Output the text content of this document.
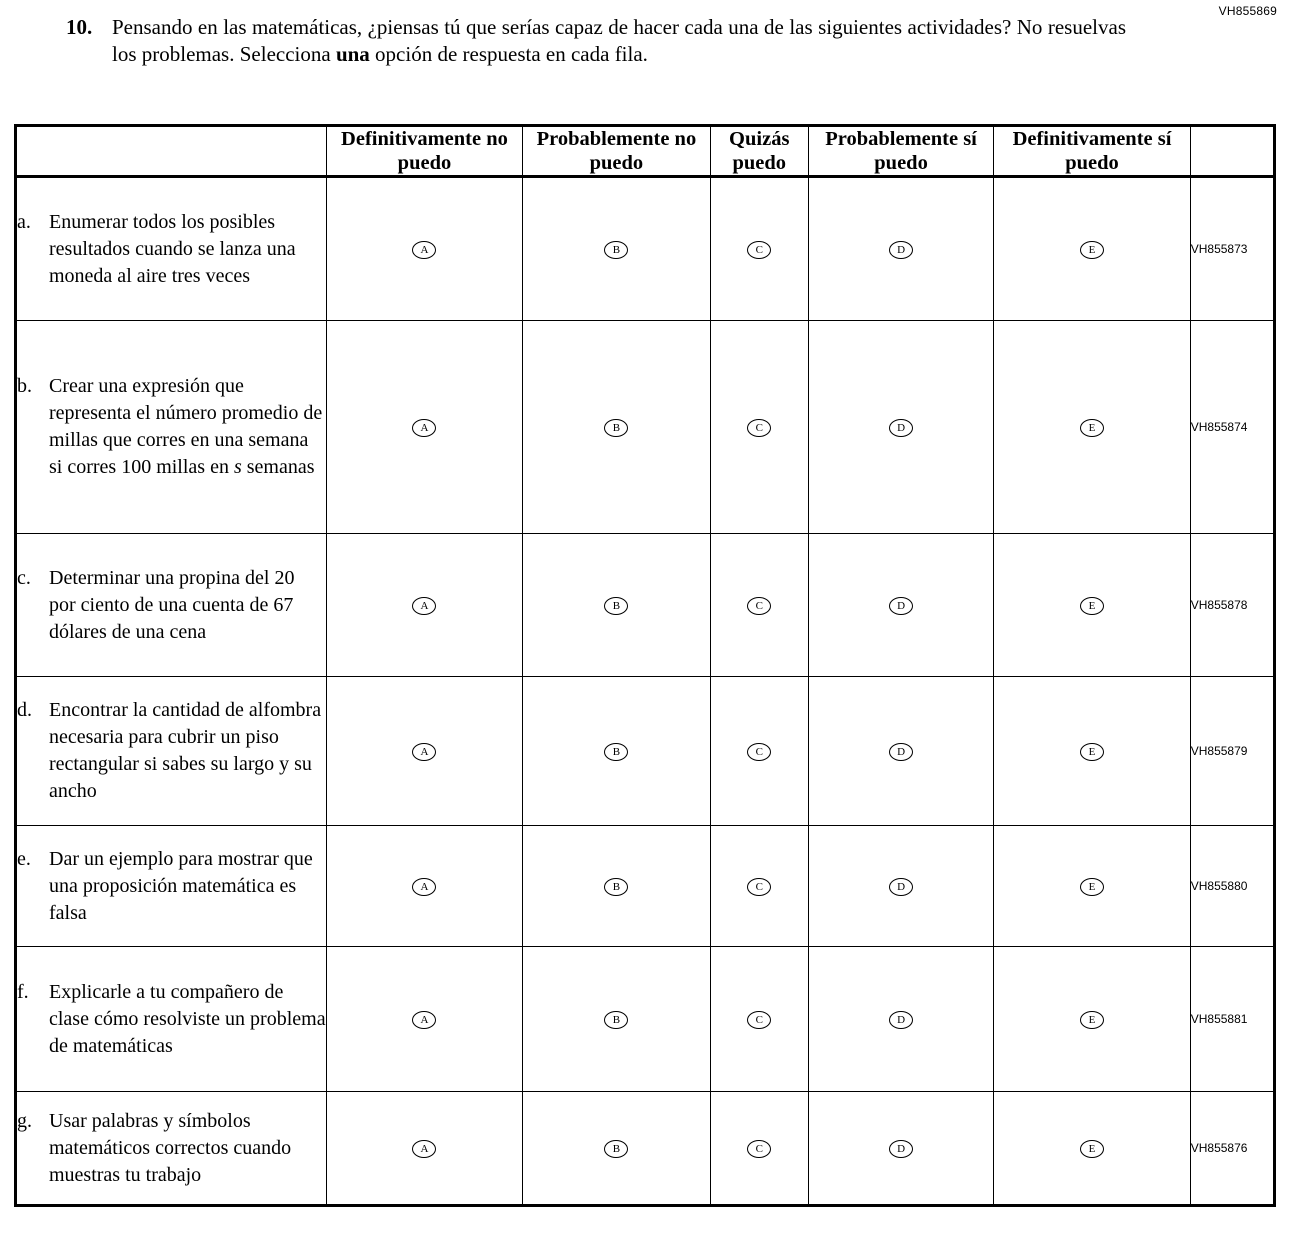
VH855869
10. Pensando en las matemáticas, ¿piensas tú que serías capaz de hacer cada una de las siguientes actividades? No resuelvas los problemas. Selecciona una opción de respuesta en cada fila.
	Definitivamente no puedo	Probablemente no puedo	Quizás puedo	Probablemente sí puedo	Definitivamente sí puedo	

a. Enumerar todos los posibles resultados cuando se lanza una moneda al aire tres veces	A	B	C	D	E	VH855873

b. Crear una expresión que representa el número promedio de millas que corres en una semana si corres 100 millas en s semanas	A	B	C	D	E	VH855874

c. Determinar una propina del 20 por ciento de una cuenta de 67 dólares de una cena	A	B	C	D	E	VH855878

d. Encontrar la cantidad de alfombra necesaria para cubrir un piso rectangular si sabes su largo y su ancho	A	B	C	D	E	VH855879

e. Dar un ejemplo para mostrar que una proposición matemática es falsa	A	B	C	D	E	VH855880

f. Explicarle a tu compañero de clase cómo resolviste un problema de matemáticas	A	B	C	D	E	VH855881

g. Usar palabras y símbolos matemáticos correctos cuando muestras tu trabajo	A	B	C	D	E	VH855876
